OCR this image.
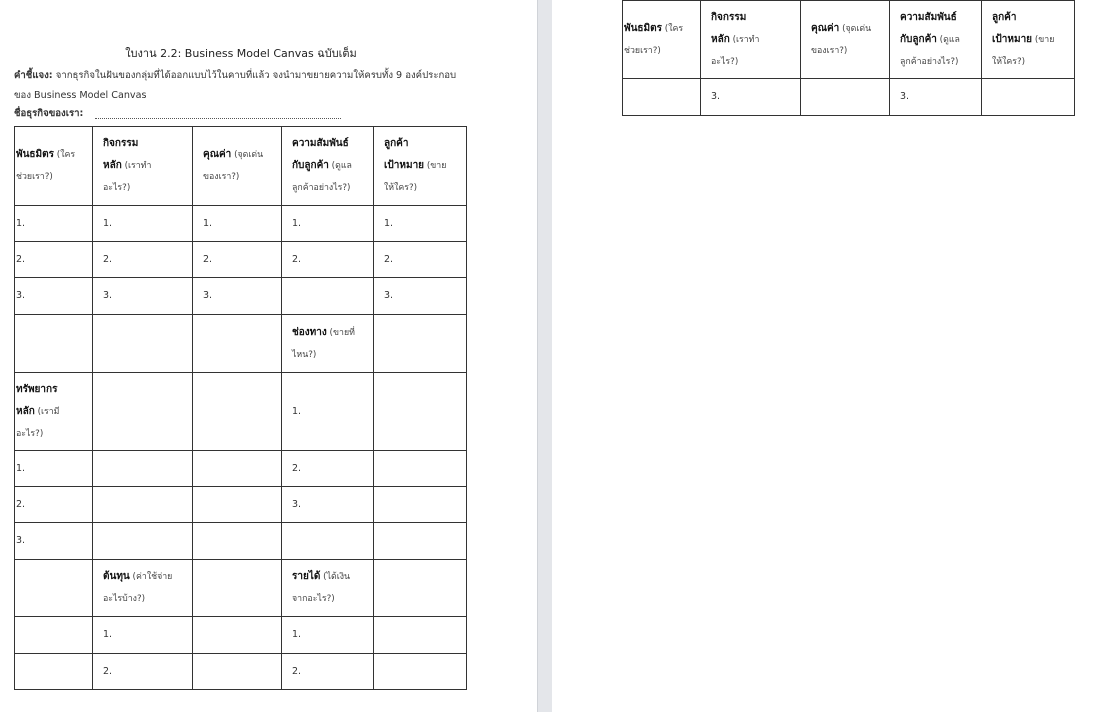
ใบงาน 2.2: Business Model Canvas ฉบับเต็ม
คำชี้แจง: จากธุรกิจในฝันของกลุ่มที่ได้ออกแบบไว้ในคาบที่แล้ว จงนำมาขยายความให้ครบทั้ง 9 องค์ประกอบ
ของ Business Model Canvas
ชื่อธุรกิจของเรา:
พันธมิตร (ใคร
ช่วยเรา?)	กิจกรรม
หลัก (เราทำ
อะไร?)	คุณค่า (จุดเด่น
ของเรา?)	ความสัมพันธ์
กับลูกค้า (ดูแล
ลูกค้าอย่างไร?)	ลูกค้า
เป้าหมาย (ขาย
ให้ใคร?)
1.	1.	1.	1.	1.
2.	2.	2.	2.	2.
3.	3.	3.		3.
			ช่องทาง (ขายที่
ไหน?)	
ทรัพยากร
หลัก (เรามี
อะไร?)			1.	
1.			2.	
2.			3.	
3.				
	ต้นทุน (ค่าใช้จ่าย
อะไรบ้าง?)		รายได้ (ได้เงิน
จากอะไร?)	
	1.		1.	
	2.		2.	
พันธมิตร (ใคร
ช่วยเรา?)	กิจกรรม
หลัก (เราทำ
อะไร?)	คุณค่า (จุดเด่น
ของเรา?)	ความสัมพันธ์
กับลูกค้า (ดูแล
ลูกค้าอย่างไร?)	ลูกค้า
เป้าหมาย (ขาย
ให้ใคร?)
	3.		3.	
